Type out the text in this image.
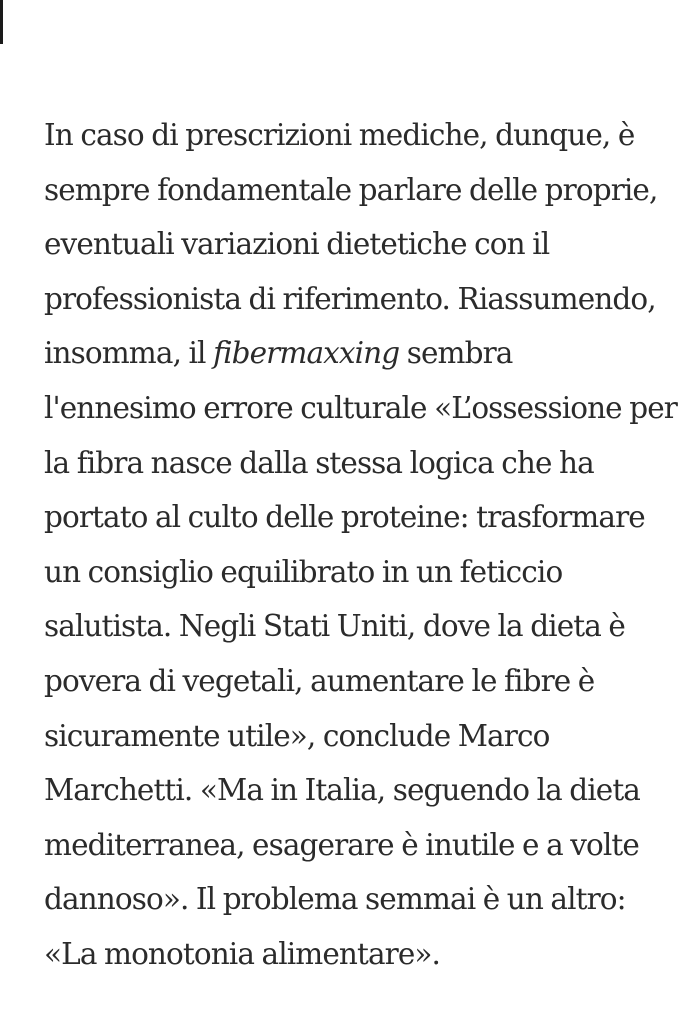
In caso di prescrizioni mediche, dunque, è
sempre fondamentale parlare delle proprie,
eventuali variazioni dietetiche con il
professionista di riferimento. Riassumendo,
insomma, il fibermaxxing sembra
l'ennesimo errore culturale «L’ossessione per
la fibra nasce dalla stessa logica che ha
portato al culto delle proteine: trasformare
un consiglio equilibrato in un feticcio
salutista. Negli Stati Uniti, dove la dieta è
povera di vegetali, aumentare le fibre è
sicuramente utile», conclude Marco
Marchetti. «Ma in Italia, seguendo la dieta
mediterranea, esagerare è inutile e a volte
dannoso». Il problema semmai è un altro:
«La monotonia alimentare».
